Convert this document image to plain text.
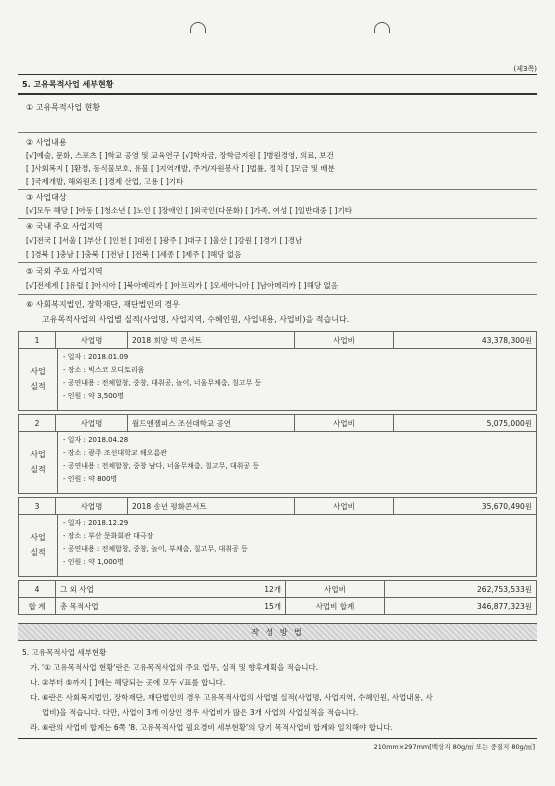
(제3쪽)
5. 고유목적사업 세부현황
① 고유목적사업 현황
② 사업내용
[√]예술, 문화, 스포츠 [ ]학교 공영 및 교육연구 [√]학자금, 장학금지원 [ ]병원경영, 의료, 보건
[ ]사회복지 [ ]환경, 동식물보호, 유물 [ ]지역개발, 주거/자원봉사 [ ]법률, 정치 [ ]모금 및 배분
[ ]국제개발, 해외원조 [ ]경제 산업, 고용 [ ]기타
③ 사업대상
[√]모두 해당 [ ]아동 [ ]청소년 [ ]노인 [ ]장애인 [ ]외국인(다문화) [ ]가족, 여성 [ ]일반대중 [ ]기타
④ 국내 주요 사업지역
[√]전국 [ ]서울 [ ]부산 [ ]인천 [ ]대전 [ ]광주 [ ]대구 [ ]울산 [ ]강원 [ ]경기 [ ]경남
[ ]경북 [ ]충남 [ ]충북 [ ]전남 [ ]전북 [ ]세종 [ ]제주 [ ]해당 없음
⑤ 국외 주요 사업지역
[√]전세계 [ ]유럽 [ ]아시아 [ ]북아메리카 [ ]아프리카 [ ]오세아니아 [ ]남아메리카 [ ]해당 없음
⑥ 사회복지법인, 장학재단, 재단법인의 경우
고유목적사업의 사업별 실적(사업명, 사업지역, 수혜인원, 사업내용, 사업비)을 적습니다.
1	사업명	2018 희망 빅 콘서트	사업비	43,378,300원
사업
실적
- 일자 : 2018.01.09
- 장소 : 빅스코 오디토리움
- 공연내용 : 전체합창, 중창, 대취공, 놀이, 너울무채춤, 칠고무 등
- 인원 : 약 3,500명
2	사업명	월드엔젤피스 조선대학교 공연	사업비	5,075,000원
사업
실적
- 일자 : 2018.04.28
- 장소 : 광주 조선대학교 해오름관
- 공연내용 : 전체합창, 중창 남다, 너울무채춤, 칠고무, 대취공 등
- 인원 : 약 800명
3	사업명	2018 송년 평화콘서트	사업비	35,670,490원
사업
실적
- 일자 : 2018.12.29
- 장소 : 부산 문화회관 대극장
- 공연내용 : 전체합창, 중창, 놀이, 부채춤, 칠고무, 대취공 등
- 인원 : 약 1,000명
4	그 외 사업 12개	사업비	262,753,533원
합 계	총 목적사업 15개	사업비 합계	346,877,323원
작 성 방 법
5. 고유목적사업 세부현황
가. '① 고유목적사업 현황'란은 고유목적사업의 주요 업무, 실적 및 향후계획을 적습니다.
나. ②부터 ⑤까지 [ ]에는 해당되는 곳에 모두 √표를 합니다.
다. ⑥란은 사회복지법인, 장학재단, 재단법인의 경우 고유목적사업의 사업별 실적(사업명, 사업지역, 수혜인원, 사업내용, 사
업비)을 적습니다. 다만, 사업이 3개 이상인 경우 사업비가 많은 3개 사업의 사업실적을 적습니다.
라. ⑥란의 사업비 합계는 6쪽 '8. 고유목적사업 필요경비 세부현황'의 당기 목적사업비 합계와 일치해야 합니다.
210mm×297mm[백상지 80g/㎡ 또는 중질지 80g/㎡]
